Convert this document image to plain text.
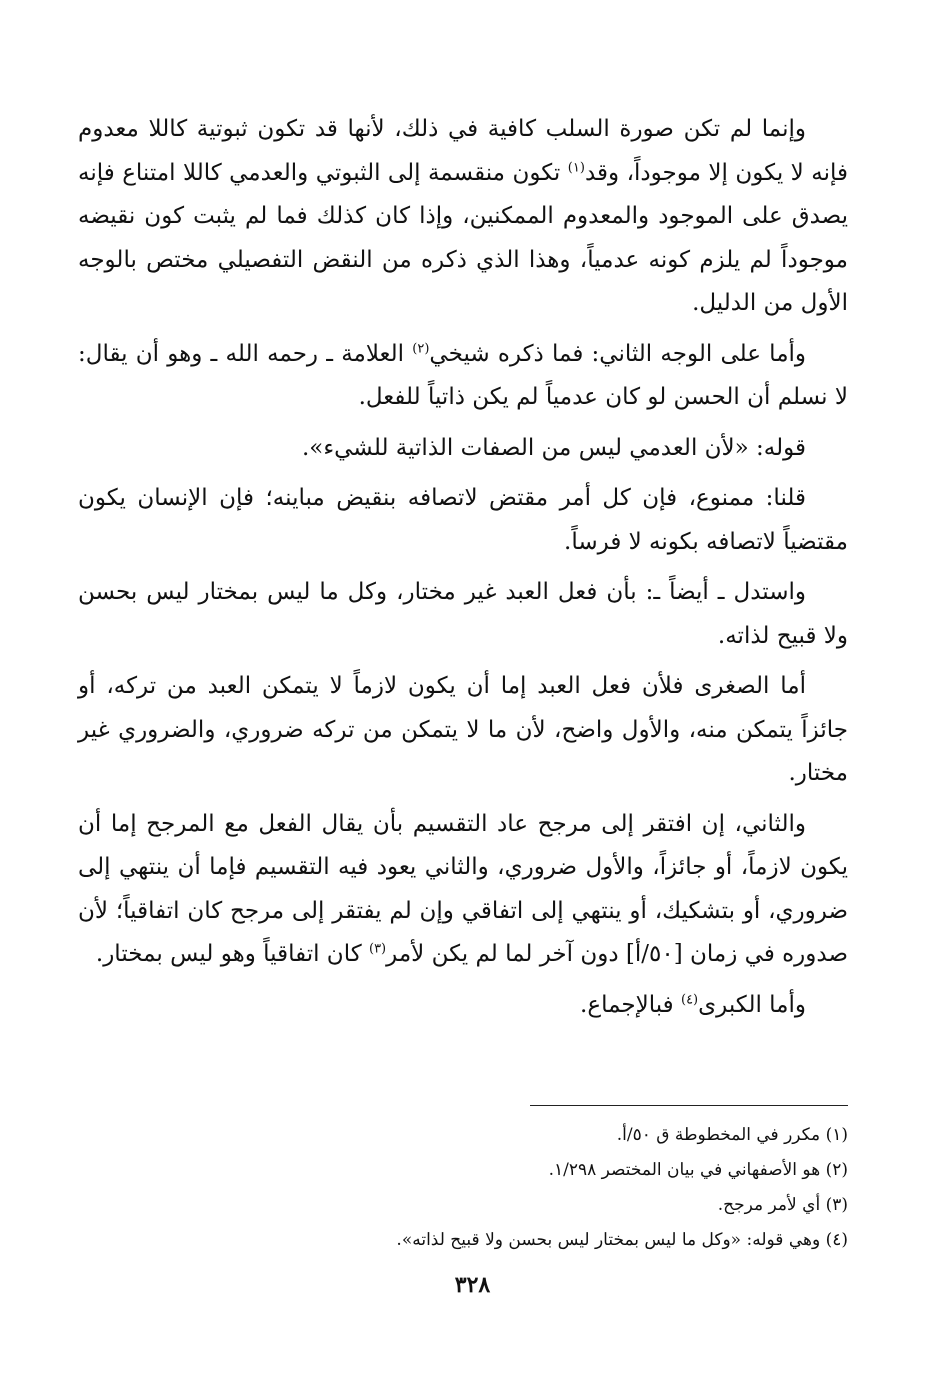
وإنما لم تكن صورة السلب كافية في ذلك، لأنها قد تكون ثبوتية كاللا معدوم فإنه لا يكون إلا موجوداً، وقد$^{(١)}$ تكون منقسمة إلى الثبوتي والعدمي كاللا امتناع فإنه يصدق على الموجود والمعدوم الممكنين، وإذا كان كذلك فما لم يثبت كون نقيضه موجوداً لم يلزم كونه عدمياً، وهذا الذي ذكره من النقض التفصيلي مختص بالوجه الأول من الدليل.

وأما على الوجه الثاني: فما ذكره شيخي$^{(٢)}$ العلامة ـ رحمه الله ـ وهو أن يقال: لا نسلم أن الحسن لو كان عدمياً لم يكن ذاتياً للفعل.

قوله: «لأن العدمي ليس من الصفات الذاتية للشيء».

قلنا: ممنوع، فإن كل أمر مقتض لاتصافه بنقيض مباينه؛ فإن الإنسان يكون مقتضياً لاتصافه بكونه لا فرساً.

واستدل ـ أيضاً ـ: بأن فعل العبد غير مختار، وكل ما ليس بمختار ليس بحسن ولا قبيح لذاته.

أما الصغرى فلأن فعل العبد إما أن يكون لازماً لا يتمكن العبد من تركه، أو جائزاً يتمكن منه، والأول واضح، لأن ما لا يتمكن من تركه ضروري، والضروري غير مختار.

والثاني، إن افتقر إلى مرجح عاد التقسيم بأن يقال الفعل مع المرجح إما أن يكون لازماً، أو جائزاً، والأول ضروري، والثاني يعود فيه التقسيم فإما أن ينتهي إلى ضروري، أو بتشكيك، أو ينتهي إلى اتفاقي وإن لم يفتقر إلى مرجح كان اتفاقياً؛ لأن صدوره في زمان [٥٠/أ] دون آخر لما لم يكن لأمر$^{(٣)}$ كان اتفاقياً وهو ليس بمختار.

وأما الكبرى$^{(٤)}$ فبالإجماع.

(١) مكرر في المخطوطة ق ٥٠/أ.
(٢) هو الأصفهاني في بيان المختصر ١/٢٩٨.
(٣) أي لأمر مرجح.
(٤) وهي قوله: «وكل ما ليس بمختار ليس بحسن ولا قبيح لذاته».
٣٢٨
